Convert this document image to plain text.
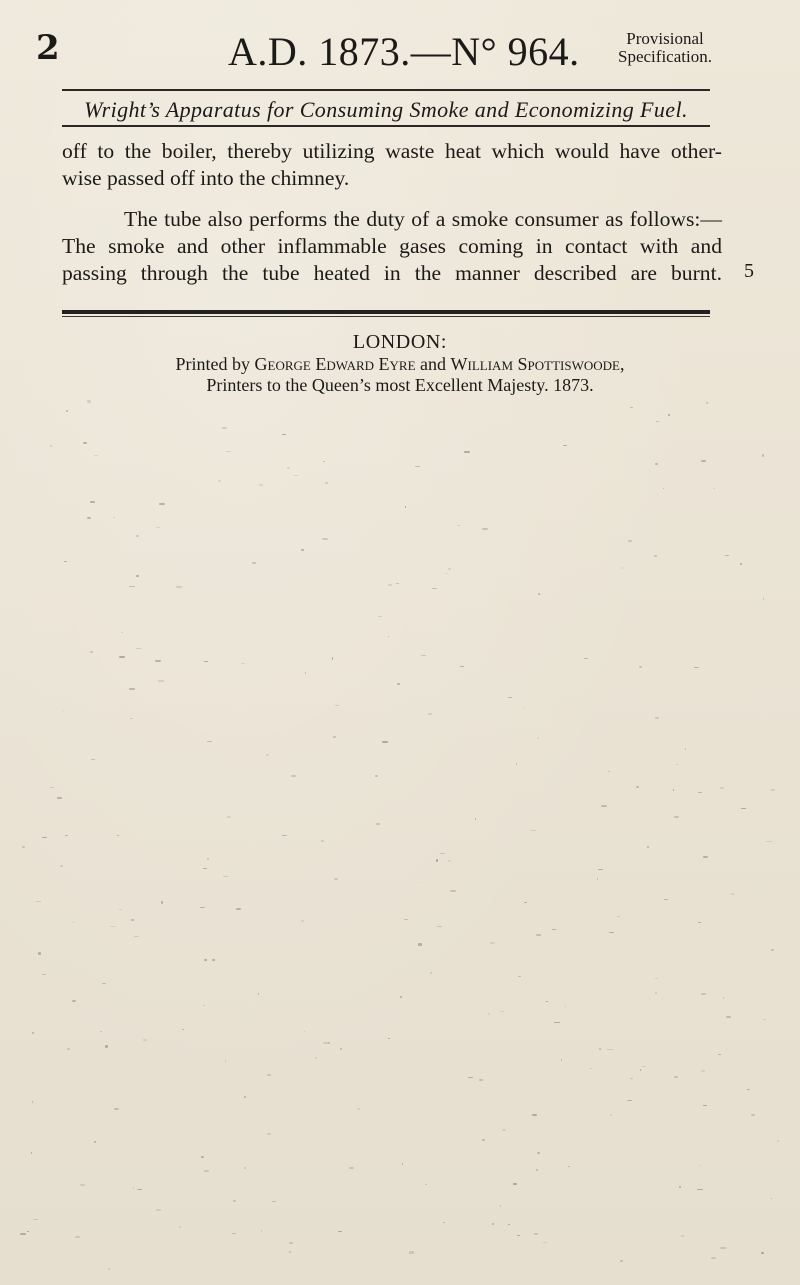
2	A.D. 1873.—N° 964.	Provisional
Specification.
Wright’s Apparatus for Consuming Smoke and Economizing Fuel.
off to the boiler, thereby utilizing waste heat which would have other-
wise passed off into the chimney.
The tube also performs the duty of a smoke consumer as follows:—
The smoke and other inflammable gases coming in contact with and
passing through the tube heated in the manner described are burnt. 5
LONDON:
Printed by George Edward Eyre and William Spottiswoode,
Printers to the Queen’s most Excellent Majesty. 1873.
